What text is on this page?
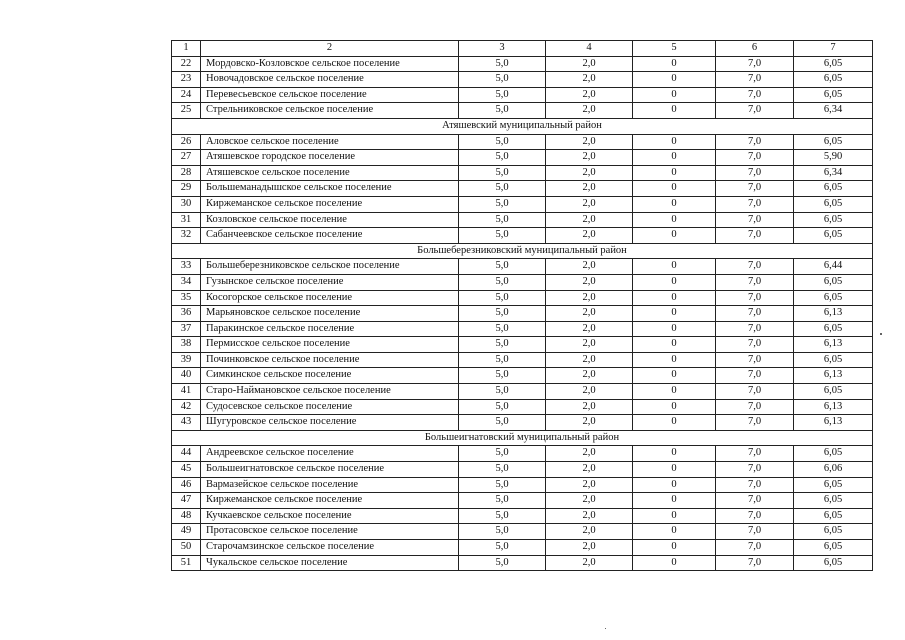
1	2	3	4	5	6	7
22	Мордовско-Козловское сельское поселение	5,0	2,0	0	7,0	6,05
23	Новочадовское сельское поселение	5,0	2,0	0	7,0	6,05
24	Перевесьевское сельское поселение	5,0	2,0	0	7,0	6,05
25	Стрельниковское сельское поселение	5,0	2,0	0	7,0	6,34
Атяшевский муниципальный район						
26	Аловское сельское поселение	5,0	2,0	0	7,0	6,05
27	Атяшевское городское поселение	5,0	2,0	0	7,0	5,90
28	Атяшевское сельское поселение	5,0	2,0	0	7,0	6,34
29	Большеманадышское сельское поселение	5,0	2,0	0	7,0	6,05
30	Киржеманское сельское поселение	5,0	2,0	0	7,0	6,05
31	Козловское сельское поселение	5,0	2,0	0	7,0	6,05
32	Сабанчеевское сельское поселение	5,0	2,0	0	7,0	6,05
Большеберезниковский муниципальный район						
33	Большеберезниковское сельское поселение	5,0	2,0	0	7,0	6,44
34	Гузынское сельское поселение	5,0	2,0	0	7,0	6,05
35	Косогорское сельское поселение	5,0	2,0	0	7,0	6,05
36	Марьяновское сельское поселение	5,0	2,0	0	7,0	6,13
37	Паракинское сельское поселение	5,0	2,0	0	7,0	6,05
38	Пермисское сельское поселение	5,0	2,0	0	7,0	6,13
39	Починковское сельское поселение	5,0	2,0	0	7,0	6,05
40	Симкинское сельское поселение	5,0	2,0	0	7,0	6,13
41	Старо-Наймановское сельское поселение	5,0	2,0	0	7,0	6,05
42	Судосевское сельское поселение	5,0	2,0	0	7,0	6,13
43	Шугуровское сельское поселение	5,0	2,0	0	7,0	6,13
Большеигнатовский муниципальный район						
44	Андреевское сельское поселение	5,0	2,0	0	7,0	6,05
45	Большеигнатовское сельское поселение	5,0	2,0	0	7,0	6,06
46	Вармазейское сельское поселение	5,0	2,0	0	7,0	6,05
47	Киржеманское сельское поселение	5,0	2,0	0	7,0	6,05
48	Кучкаевское сельское поселение	5,0	2,0	0	7,0	6,05
49	Протасовское сельское поселение	5,0	2,0	0	7,0	6,05
50	Старочамзинское сельское поселение	5,0	2,0	0	7,0	6,05
51	Чукальское сельское поселение	5,0	2,0	0	7,0	6,05
